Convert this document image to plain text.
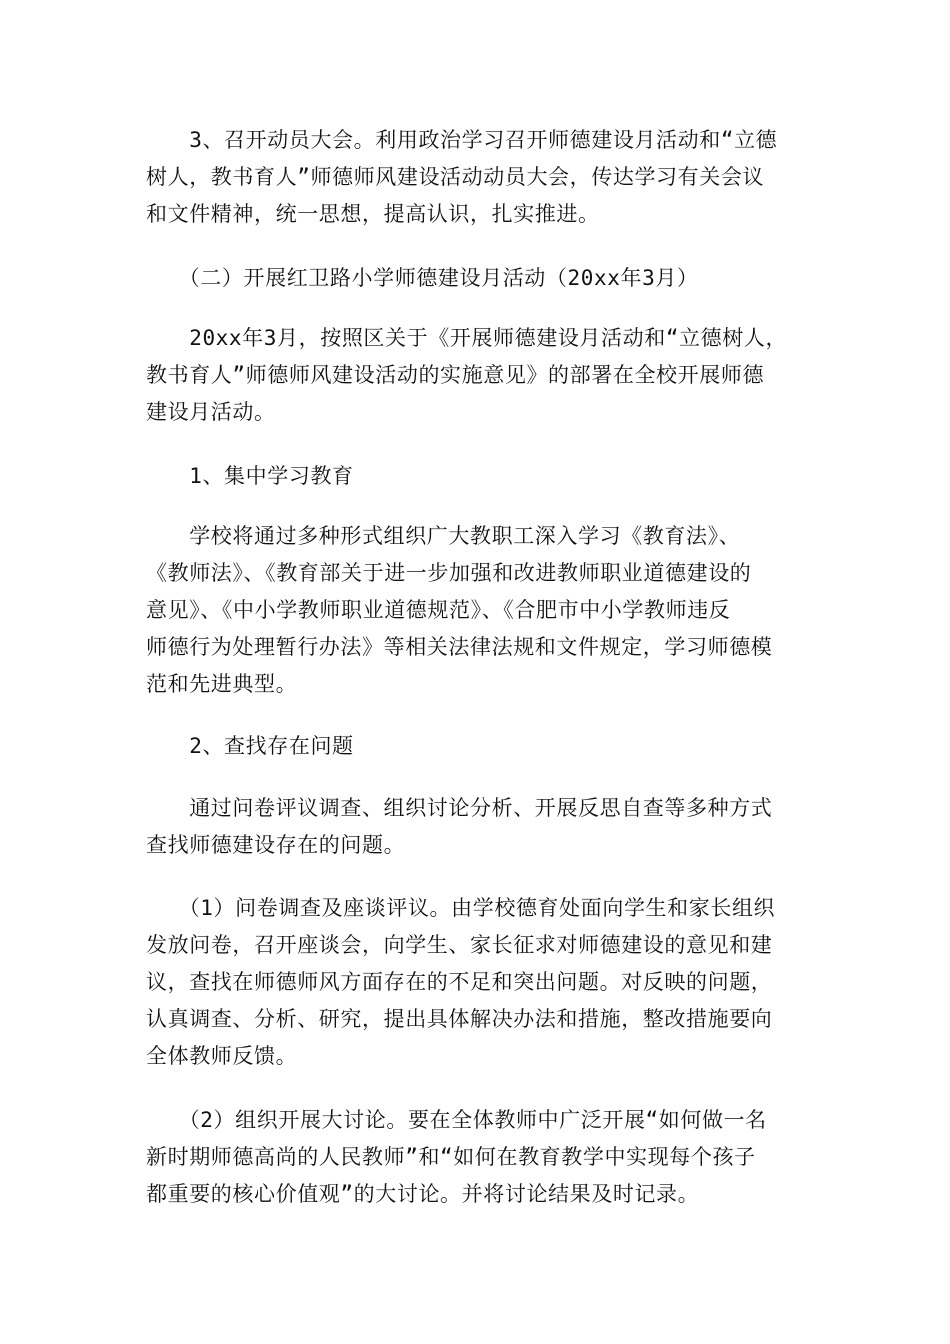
　　3、召开动员大会。利用政治学习召开师德建设月活动和“立德
树人，教书育人”师德师风建设活动动员大会，传达学习有关会议
和文件精神，统一思想，提高认识，扎实推进。
　　（二）开展红卫路小学师德建设月活动（20xx年3月）
　　20xx年3月，按照区关于《开展师德建设月活动和“立德树人，
教书育人”师德师风建设活动的实施意见》的部署在全校开展师德
建设月活动。
　　1、集中学习教育
　　学校将通过多种形式组织广大教职工深入学习《教育法》、
《教师法》、《教育部关于进一步加强和改进教师职业道德建设的
意见》、《中小学教师职业道德规范》、《合肥市中小学教师违反
师德行为处理暂行办法》等相关法律法规和文件规定，学习师德模
范和先进典型。
　　2、查找存在问题
　　通过问卷评议调查、组织讨论分析、开展反思自查等多种方式
查找师德建设存在的问题。
　　（1）问卷调查及座谈评议。由学校德育处面向学生和家长组织
发放问卷，召开座谈会，向学生、家长征求对师德建设的意见和建
议，查找在师德师风方面存在的不足和突出问题。对反映的问题，
认真调查、分析、研究，提出具体解决办法和措施，整改措施要向
全体教师反馈。
　　（2）组织开展大讨论。要在全体教师中广泛开展“如何做一名
新时期师德高尚的人民教师”和“如何在教育教学中实现每个孩子
都重要的核心价值观”的大讨论。并将讨论结果及时记录。
